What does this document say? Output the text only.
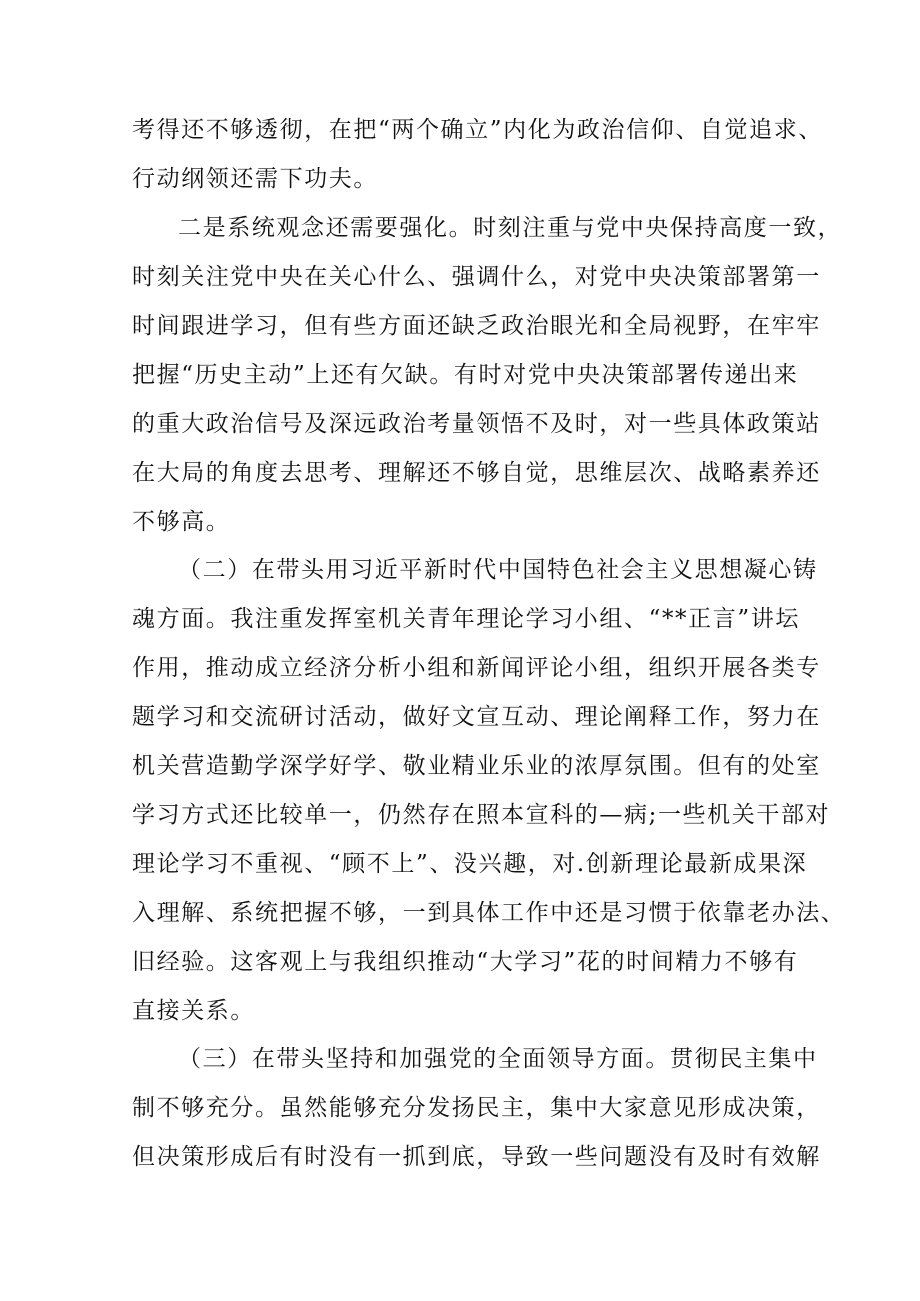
考得还不够透彻，在把“两个确立”内化为政治信仰、自觉追求、
行动纲领还需下功夫。
二是系统观念还需要强化。时刻注重与党中央保持高度一致，
时刻关注党中央在关心什么、强调什么，对党中央决策部署第一
时间跟进学习，但有些方面还缺乏政治眼光和全局视野，在牢牢
把握“历史主动”上还有欠缺。有时对党中央决策部署传递出来
的重大政治信号及深远政治考量领悟不及时，对一些具体政策站
在大局的角度去思考、理解还不够自觉，思维层次、战略素养还
不够高。
（二）在带头用习近平新时代中国特色社会主义思想凝心铸
魂方面。我注重发挥室机关青年理论学习小组、“**正言”讲坛
作用，推动成立经济分析小组和新闻评论小组，组织开展各类专
题学习和交流研讨活动，做好文宣互动、理论阐释工作，努力在
机关营造勤学深学好学、敬业精业乐业的浓厚氛围。但有的处室
学习方式还比较单一，仍然存在照本宣科的—病;一些机关干部对
理论学习不重视、“顾不上”、没兴趣，对.创新理论最新成果深
入理解、系统把握不够，一到具体工作中还是习惯于依靠老办法、
旧经验。这客观上与我组织推动“大学习”花的时间精力不够有
直接关系。
（三）在带头坚持和加强党的全面领导方面。贯彻民主集中
制不够充分。虽然能够充分发扬民主，集中大家意见形成决策，
但决策形成后有时没有一抓到底，导致一些问题没有及时有效解
